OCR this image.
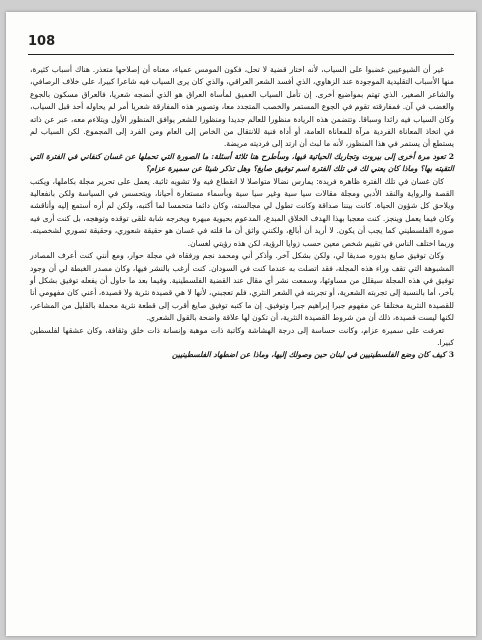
108

غير أن الشيوعيين غضبوا على السياب، لأنه اختار قضية لا تحل، فكون المومس عمياء، معناه أن إصلاحها متعذر. هناك أسباب كثيرة، منها الأسباب التقليدية الموجودة عند الزهاوي، الذي أفسد الشعر العراقي، والذي كان يرى السياب فيه شاعرا كبيرا، على خلاف الرصافي، والشاعر الصغير، الذي تهتم بمواضيع أخرى. إن تأمل السياب العميق لمأساة العراق هو الذي أنضجه شعريا، فالعراق مسكون بالجوع والغضب في آن. فمفارقته تقوم في الجوع المستمر والخصب المتجدد معا، وتصوير هذه المفارقة شعريا أمر لم يحاوله أحد قبل السياب، وكان السياب فيه رائدا وسباقا. وتتضمن هذه الريادة منظورا للعالم جديدا ومنظورا للشعر يوافق المنظور الأول ويتلاءم معه، عبر عن ذاته في اتخاذ المعاناة الفردية مرآة للمعاناة العامة، أو أداة فنية للانتقال من الخاص إلى العام ومن الفرد إلى المجموع. لكن السياب لم يستطع أن يستمر في هذا المنظور، لأنه ما لبث أن ارتد إلى فرديته مريضة.

2تعود مرة أخرى إلى بيروت وتجاربك الحياتية فيها، وسأطرح هنا ثلاثة أسئلة: ما الصورة التي تحملها عن غسان كنفاني في الفترة التي التقيته بها؟ وماذا كان يعني لك في تلك الفترة اسم توفيق صايغ؟ وهل تذكر شيئا عن سميرة عزام؟

كان غسان في تلك الفترة ظاهرة فريدة: يمارس نضالا متواصلا لا انقطاع فيه ولا تشويه ثائبة. يعمل على تحرير مجلة بكاملها، ويكتب القصة والرواية والنقد الأدبي ومجلة مقالات سيا سية وغير سيا سية وبأسماء مستعارة أحيانا، ويتحسس في السياسة ولكن بانفعالية ويلاحق كل شؤون الحياة. كانت بيننا صداقة وكانت تطول لي مجالسته، وكان دائما متحمسا لما أكتبه، ولكن لم أره أستمع إليه وأناقشه وكان فيما يعمل وينجز. كنت معجبا بهذا الهدف الخلاق المبدع، المدعوم بحيوية مبهرة ويخرجه شابة تلقى توقده وتوهجه، بل كنت أرى فيه صورة الفلسطيني كما يجب أن يكون. لا أريد أن أبالغ، ولكنني واثق أن ما قلته في غسان هو حقيقة شعوري، وحقيقة تصوري لشخصيته. وربما اختلف الناس في تقييم شخص معين حسب زوايا الرؤية، لكن هذه رؤيتي لغسان.

وكان توفيق صايغ بدوره صديقا لي، ولكن بشكل آخر. وأذكر أني ومحمد نجم ورفقاه في مجلة حوار، ومع أنني كنت أعرف المصادر المشبوهة التي تقف وراء هذه المجلة، فقد اتصلت به عندما كنت في السودان. كنت أرغب بالنشر فيها، وكان مصدر الغبطة لي أن وجود توفيق في هذه المجلة سيقلل من مساوئها، وسمعت نشر أي مقال عند القضية الفلسطينية. وفيما بعد ما حاول أن يفعله توفيق بشكل أو بآخر، أما بالنسبة إلى تجربته الشعرية، أو تجربته في الشعر النثري، فلم تعجبني، لأنها لا هي قصيدة نثرية ولا قصيدة، أعني كان مفهومي أنا للقصيدة النثرية مختلفا عن مفهوم جبرا إبراهيم جبرا وتوفيق. إن ما كتبه توفيق صايغ أقرب إلى قطعة نثرية محملة بالقليل من المشاعر، لكنها ليست قصيدة، ذلك أن من شروط القصيدة النثرية، أن تكون لها علاقة واضحة بالقول الشعري.

تعرفت على سميرة عزام، وكانت حساسة إلى درجة الهشاشة وكاتبة ذات موهبة وإنسانة ذات خلق وثقافة، وكان عشقها لفلسطين كبيرا.

3كيف كان وضع الفلسطينيين في لبنان حين وصولك إليها، وماذا عن اضطهاد الفلسطينيين
